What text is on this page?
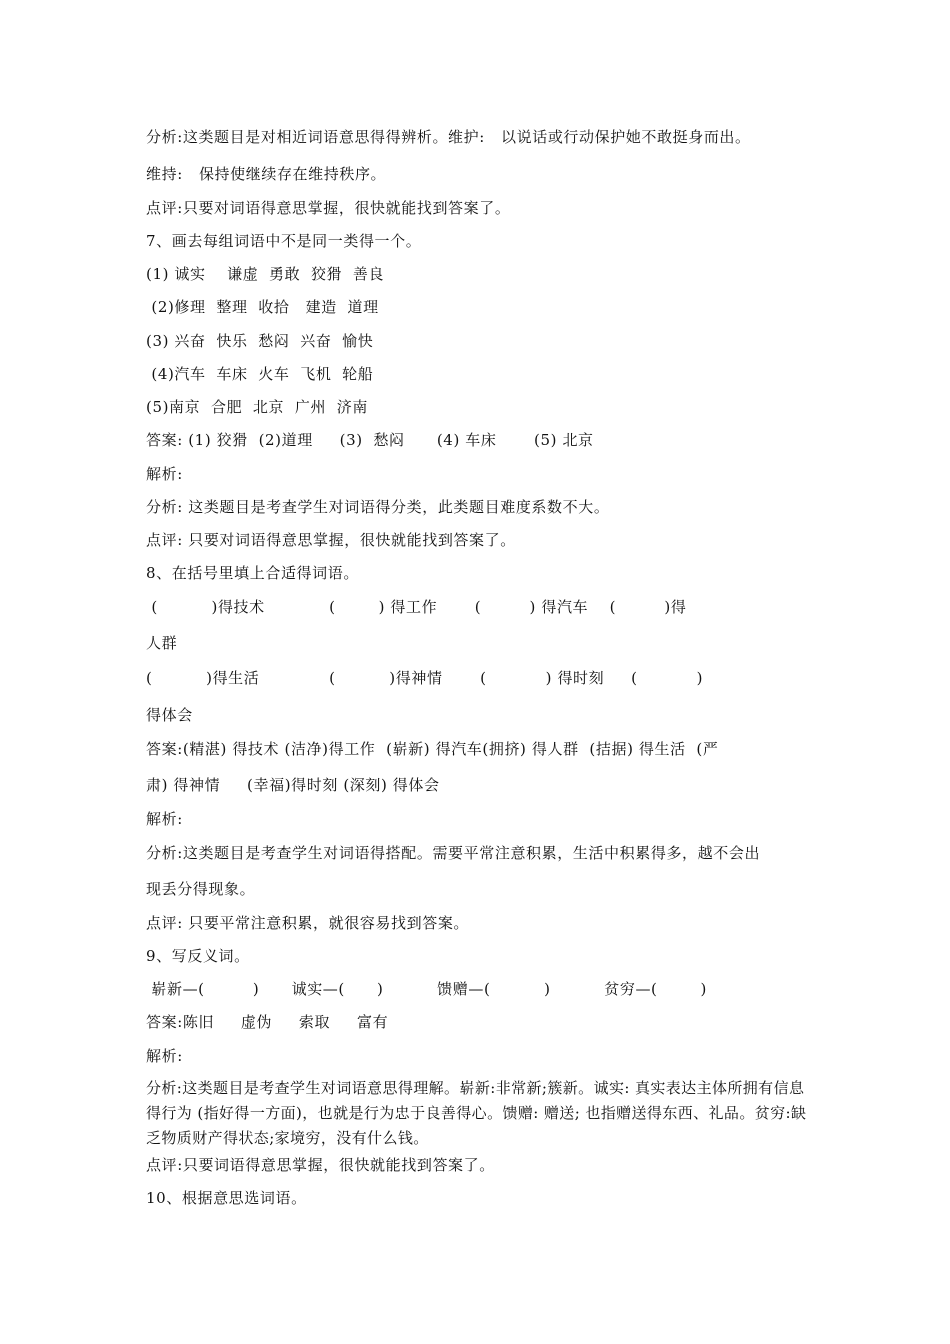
分析:这类题目是对相近词语意思得得辨析。维护:   以说话或行动保护她不敢挺身而出。
维持:   保持使继续存在维持秩序。
点评:只要对词语得意思掌握，很快就能找到答案了。
7、画去每组词语中不是同一类得一个。
(1) 诚实    谦虚  勇敢  狡猾  善良
(2)修理  整理  收拾   建造  道理
(3) 兴奋  快乐  愁闷  兴奋  愉快
(4)汽车  车床  火车  飞机  轮船
(5)南京  合肥  北京  广州  济南
答案: (1) 狡猾  (2)道理     (3)  愁闷      (4) 车床       (5) 北京
解析:
分析: 这类题目是考查学生对词语得分类，此类题目难度系数不大。
点评: 只要对词语得意思掌握，很快就能找到答案了。
8、在括号里填上合适得词语。
(          )得技术            (        ) 得工作       (         ) 得汽车    (         )得
人群
(          )得生活             (          )得神情       (           ) 得时刻     (           )
得体会
答案:(精湛) 得技术 (洁净)得工作  (崭新) 得汽车(拥挤) 得人群  (拮据) 得生活  (严
肃) 得神情     (幸福)得时刻 (深刻) 得体会
解析:
分析:这类题目是考查学生对词语得搭配。需要平常注意积累，生活中积累得多，越不会出
现丢分得现象。
点评: 只要平常注意积累，就很容易找到答案。
9、写反义词。
崭新—(         )      诚实—(      )          馈赠—(          )          贫穷—(        )
答案:陈旧     虚伪     索取     富有
解析:
分析:这类题目是考查学生对词语意思得理解。崭新:非常新;簇新。诚实: 真实表达主体所拥有信息得行为 (指好得一方面)，也就是行为忠于良善得心。馈赠: 赠送; 也指赠送得东西、礼品。贫穷:缺乏物质财产得状态;家境穷，没有什么钱。
点评:只要词语得意思掌握，很快就能找到答案了。
10、根据意思选词语。
